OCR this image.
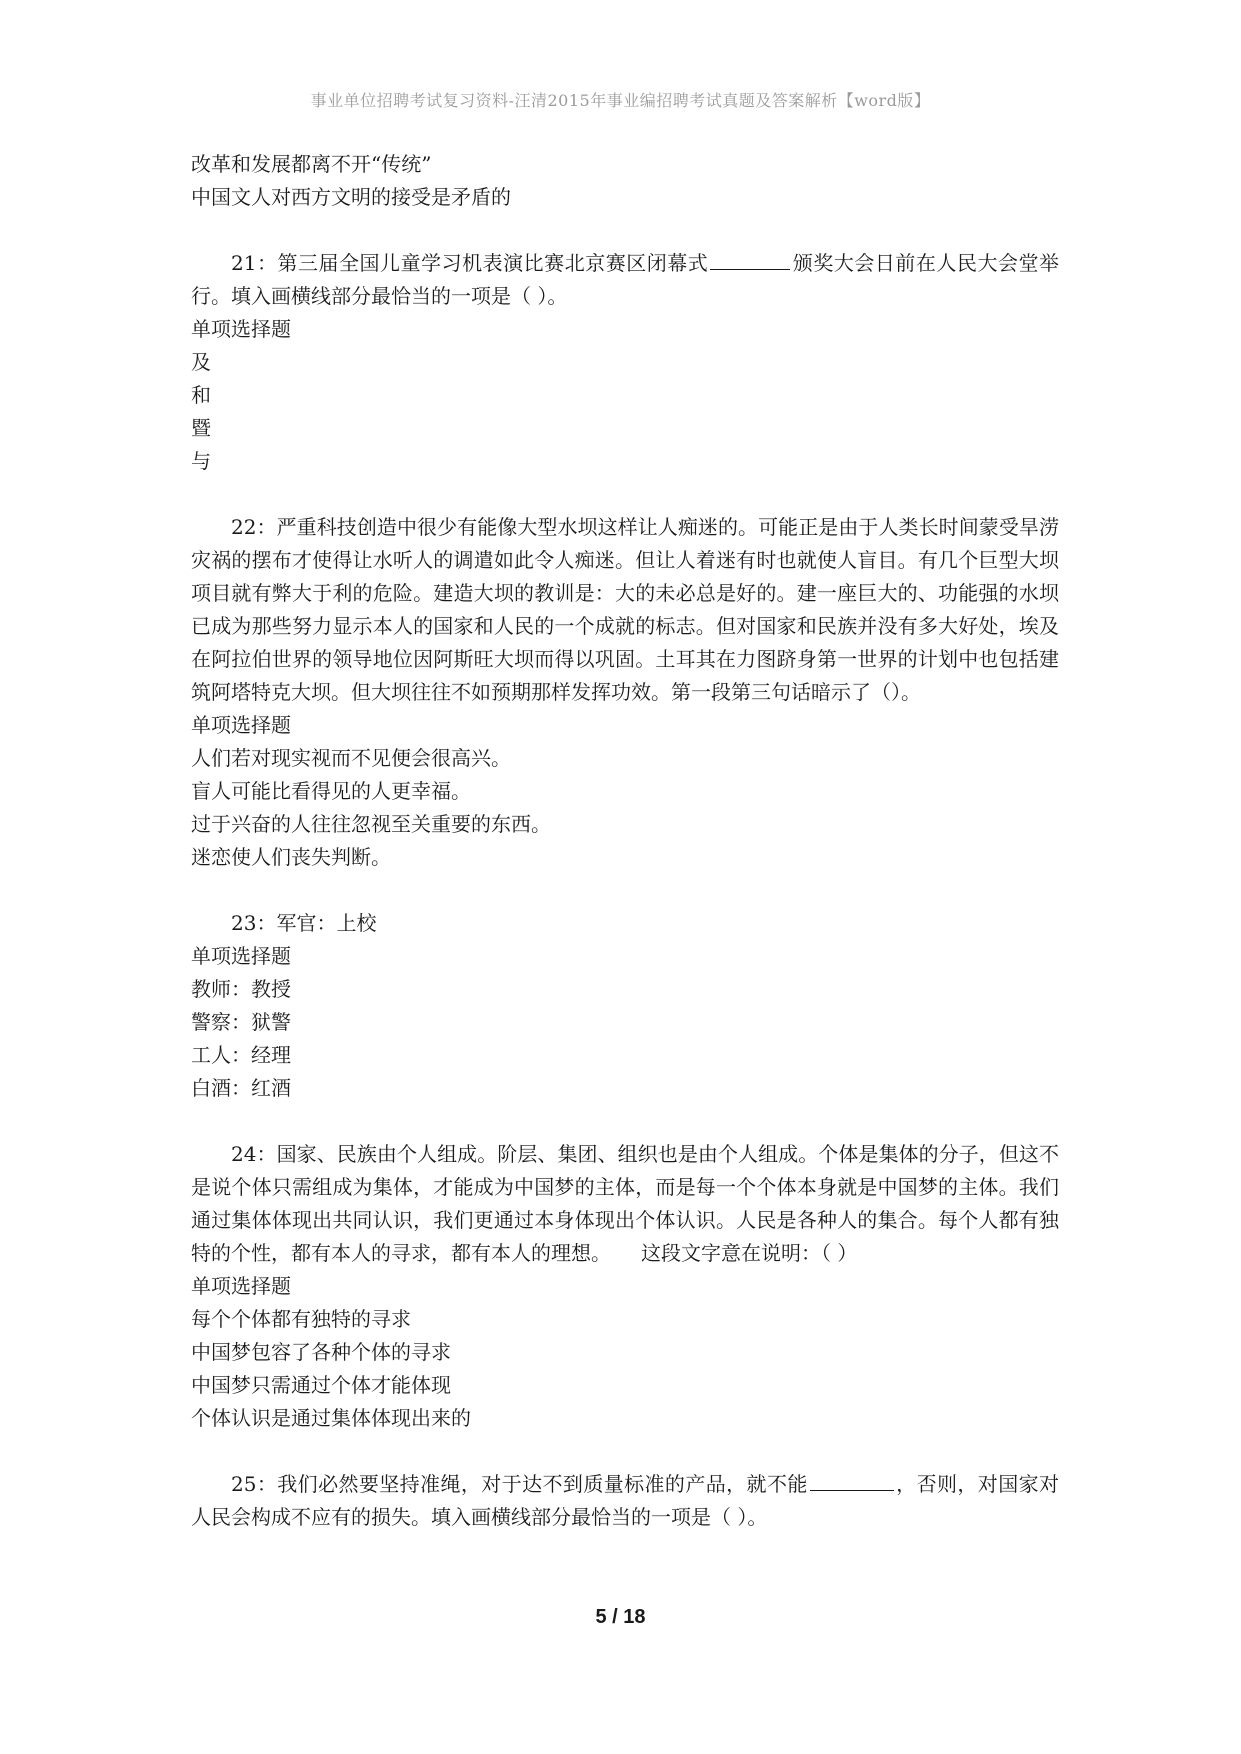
事业单位招聘考试复习资料-汪清2015年事业编招聘考试真题及答案解析【word版】
改革和发展都离不开“传统”
中国文人对西方文明的接受是矛盾的
21：第三届全国儿童学习机表演比赛北京赛区闭幕式	颁奖大会日前在人民大会堂举行。填入画横线部分最恰当的一项是（ ）。
单项选择题
及
和
暨
与
22：严重科技创造中很少有能像大型水坝这样让人痴迷的。可能正是由于人类长时间蒙受旱涝灾祸的摆布才使得让水听人的调遣如此令人痴迷。但让人着迷有时也就使人盲目。有几个巨型大坝项目就有弊大于利的危险。建造大坝的教训是：大的未必总是好的。建一座巨大的、功能强的水坝已成为那些努力显示本人的国家和人民的一个成就的标志。但对国家和民族并没有多大好处，埃及在阿拉伯世界的领导地位因阿斯旺大坝而得以巩固。土耳其在力图跻身第一世界的计划中也包括建筑阿塔特克大坝。但大坝往往不如预期那样发挥功效。第一段第三句话暗示了（）。
单项选择题
人们若对现实视而不见便会很高兴。
盲人可能比看得见的人更幸福。
过于兴奋的人往往忽视至关重要的东西。
迷恋使人们丧失判断。
23：军官：上校
单项选择题
教师：教授
警察：狱警
工人：经理
白酒：红酒
24：国家、民族由个人组成。阶层、集团、组织也是由个人组成。个体是集体的分子，但这不是说个体只需组成为集体，才能成为中国梦的主体，而是每一个个体本身就是中国梦的主体。我们通过集体体现出共同认识，我们更通过本身体现出个体认识。人民是各种人的集合。每个人都有独特的个性，都有本人的寻求，都有本人的理想。　　这段文字意在说明：（ ）
单项选择题
每个个体都有独特的寻求
中国梦包容了各种个体的寻求
中国梦只需通过个体才能体现
个体认识是通过集体体现出来的
25：我们必然要坚持准绳，对于达不到质量标准的产品，就不能	，否则，对国家对人民会构成不应有的损失。填入画横线部分最恰当的一项是（ ）。
5 / 18
